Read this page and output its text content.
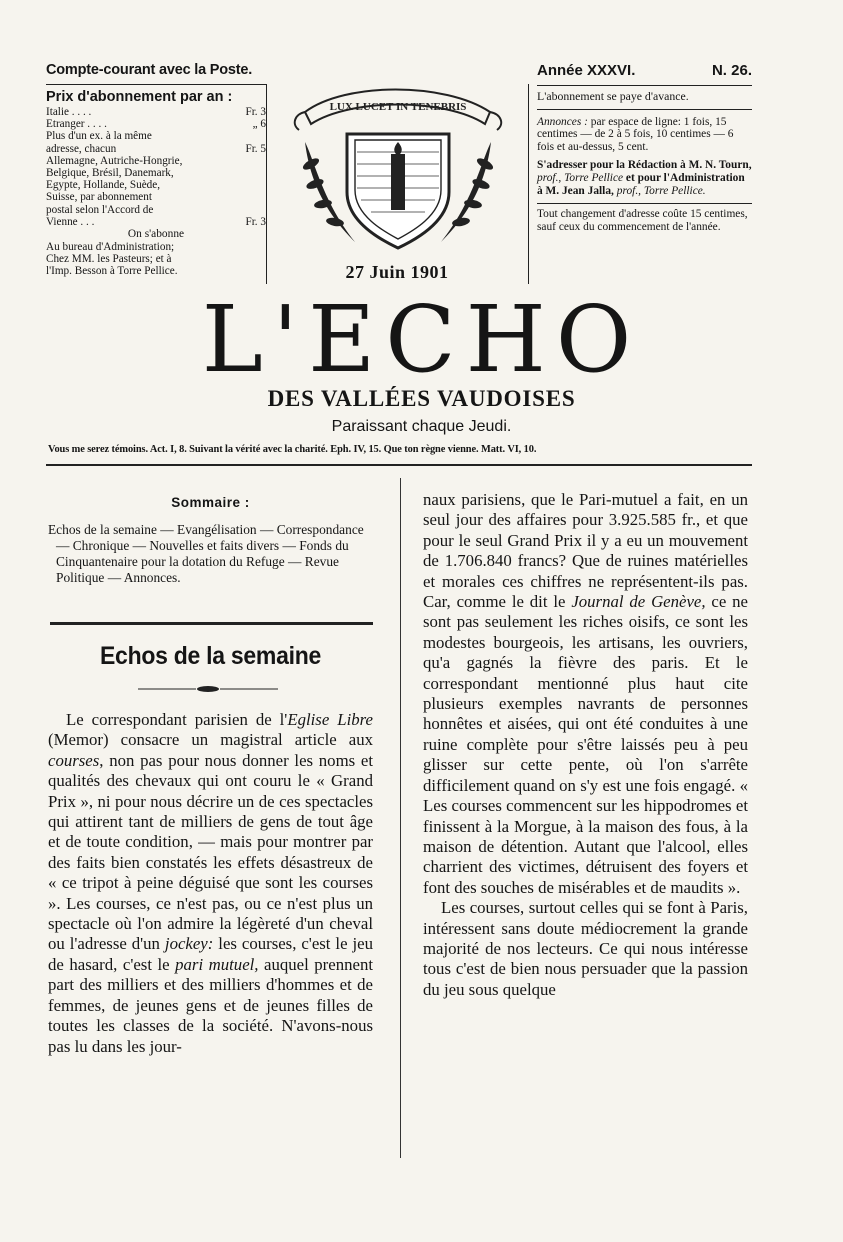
Compte-courant avec la Poste.
Prix d'abonnement par an :
Italie . . . .	Fr. 3
Etranger . . . .	„ 6
Plus d'un ex. à la même
adresse, chacun	Fr. 5
Allemagne, Autriche-Hongrie,
Belgique, Brésil, Danemark,
Egypte, Hollande, Suède,
Suisse, par abonnement
postal selon l'Accord de
Vienne . . .	Fr. 3
On s'abonne
Au bureau d'Administration;
Chez MM. les Pasteurs; et à
l'Imp. Besson à Torre Pellice.
LUX LUCET IN TENEBRIS
Année XXXVI.	N. 26.
L'abonnement se paye d'avance.
Annonces : par espace de ligne: 1 fois, 15 centimes — de 2 à 5 fois, 10 centimes — 6 fois et au-dessus, 5 cent.
S'adresser pour la Rédaction à M. N. Tourn, prof., Torre Pellice et pour l'Administration à M. Jean Jalla, prof., Torre Pellice.
Tout changement d'adresse coûte 15 centimes, sauf ceux du commencement de l'année.
27 Juin 1901
L'ECHO
DES VALLÉES VAUDOISES
Paraissant chaque Jeudi.
Vous me serez témoins. Act. I, 8. Suivant la vérité avec la charité. Eph. IV, 15. Que ton règne vienne. Matt. VI, 10.
Sommaire :
Echos de la semaine — Evangélisation — Correspondance — Chronique — Nouvelles et faits divers — Fonds du Cinquantenaire pour la dotation du Refuge — Revue Politique — Annonces.
Echos de la semaine

Le correspondant parisien de l'Eglise Libre (Memor) consacre un magistral article aux courses, non pas pour nous donner les noms et qualités des chevaux qui ont couru le « Grand Prix », ni pour nous décrire un de ces spectacles qui attirent tant de milliers de gens de tout âge et de toute condition, — mais pour montrer par des faits bien constatés les effets désastreux de « ce tripot à peine déguisé que sont les courses ». Les courses, ce n'est pas, ou ce n'est plus un spectacle où l'on admire la légèreté d'un cheval ou l'adresse d'un jockey: les courses, c'est le jeu de hasard, c'est le pari mutuel, auquel prennent part des milliers et des milliers d'hommes et de femmes, de jeunes gens et de jeunes filles de toutes les classes de la société. N'avons-nous pas lu dans les jour-

naux parisiens, que le Pari-mutuel a fait, en un seul jour des affaires pour 3.925.585 fr., et que pour le seul Grand Prix il y a eu un mouvement de 1.706.840 francs? Que de ruines matérielles et morales ces chiffres ne représentent-ils pas. Car, comme le dit le Journal de Genève, ce ne sont pas seulement les riches oisifs, ce sont les modestes bourgeois, les artisans, les ouvriers, qu'a gagnés la fièvre des paris. Et le correspondant mentionné plus haut cite plusieurs exemples navrants de personnes honnêtes et aisées, qui ont été conduites à une ruine complète pour s'être laissés peu à peu glisser sur cette pente, où l'on s'arrête difficilement quand on s'y est une fois engagé. « Les courses commencent sur les hippodromes et finissent à la Morgue, à la maison des fous, à la maison de détention. Autant que l'alcool, elles charrient des victimes, détruisent des foyers et font des souches de misérables et de maudits ».

Les courses, surtout celles qui se font à Paris, intéressent sans doute médiocrement la grande majorité de nos lecteurs. Ce qui nous intéresse tous c'est de bien nous persuader que la passion du jeu sous quelque
